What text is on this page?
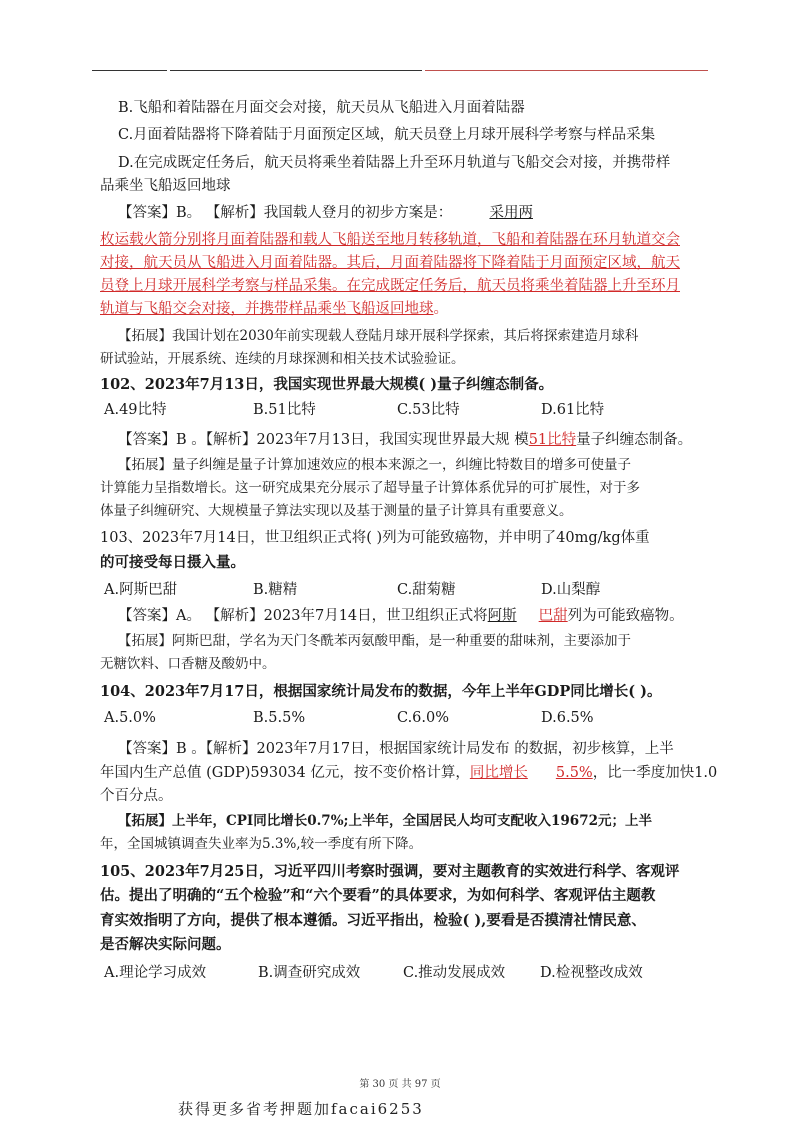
B.飞船和着陆器在月面交会对接，航天员从飞船进入月面着陆器
C.月面着陆器将下降着陆于月面预定区域，航天员登上月球开展科学考察与样品采集
D.在完成既定任务后，航天员将乘坐着陆器上升至环月轨道与飞船交会对接，并携带样
品乘坐飞船返回地球
【答案】B。 【解析】我国载人登月的初步方案是：	采用两
枚运载火箭分别将月面着陆器和载人飞船送至地月转移轨道，飞船和着陆器在环月轨道交会
对接，航天员从飞船进入月面着陆器。其后，月面着陆器将下降着陆于月面预定区域，航天
员登上月球开展科学考察与样品采集。在完成既定任务后，航天员将乘坐着陆器上升至环月
轨道与飞船交会对接，并携带样品乘坐飞船返回地球。
【拓展】我国计划在2030年前实现载人登陆月球开展科学探索，其后将探索建造月球科
研试验站，开展系统、连续的月球探测和相关技术试验验证。
102、2023年7月13日，我国实现世界最大规模( )量子纠缠态制备。
A.49比特	B.51比特	C.53比特	D.61比特
【答案】B 。【解析】2023年7月13日，我国实现世界最大规 模51比特量子纠缠态制备。
【拓展】量子纠缠是量子计算加速效应的根本来源之一，纠缠比特数目的增多可使量子
计算能力呈指数增长。这一研究成果充分展示了超导量子计算体系优异的可扩展性，对于多
体量子纠缠研究、大规模量子算法实现以及基于测量的量子计算具有重要意义。
103、2023年7月14日，世卫组织正式将( )列为可能致癌物，并申明了40mg/kg体重
的可接受每日摄入量。
A.阿斯巴甜	B.糖精	C.甜菊糖	D.山梨醇
【答案】A。 【解析】2023年7月14日，世卫组织正式将阿斯 巴甜列为可能致癌物。
【拓展】阿斯巴甜，学名为天门冬酰苯丙氨酸甲酯，是一种重要的甜味剂，主要添加于
无糖饮料、口香糖及酸奶中。
104、2023年7月17日，根据国家统计局发布的数据，今年上半年GDP同比增长( )。
A.5.0%	B.5.5%	C.6.0%	D.6.5%
【答案】B 。【解析】2023年7月17日，根据国家统计局发布 的数据，初步核算，上半
年国内生产总值 (GDP)593034 亿元，按不变价格计算，同比增长 5.5%，比一季度加快1.0
个百分点。
【拓展】上半年，CPI同比增长0.7%;上半年，全国居民人均可支配收入19672元；上半
年，全国城镇调查失业率为5.3%,较一季度有所下降。
105、2023年7月25日，习近平四川考察时强调，要对主题教育的实效进行科学、客观评
估。提出了明确的“五个检验”和“六个要看”的具体要求，为如何科学、客观评估主题教
育实效指明了方向，提供了根本遵循。习近平指出，检验( ),要看是否摸清社情民意、
是否解决实际问题。
A.理论学习成效	B.调查研究成效	C.推动发展成效 D.检视整改成效
第 30 页 共 97 页
获得更多省考押题加facai6253
